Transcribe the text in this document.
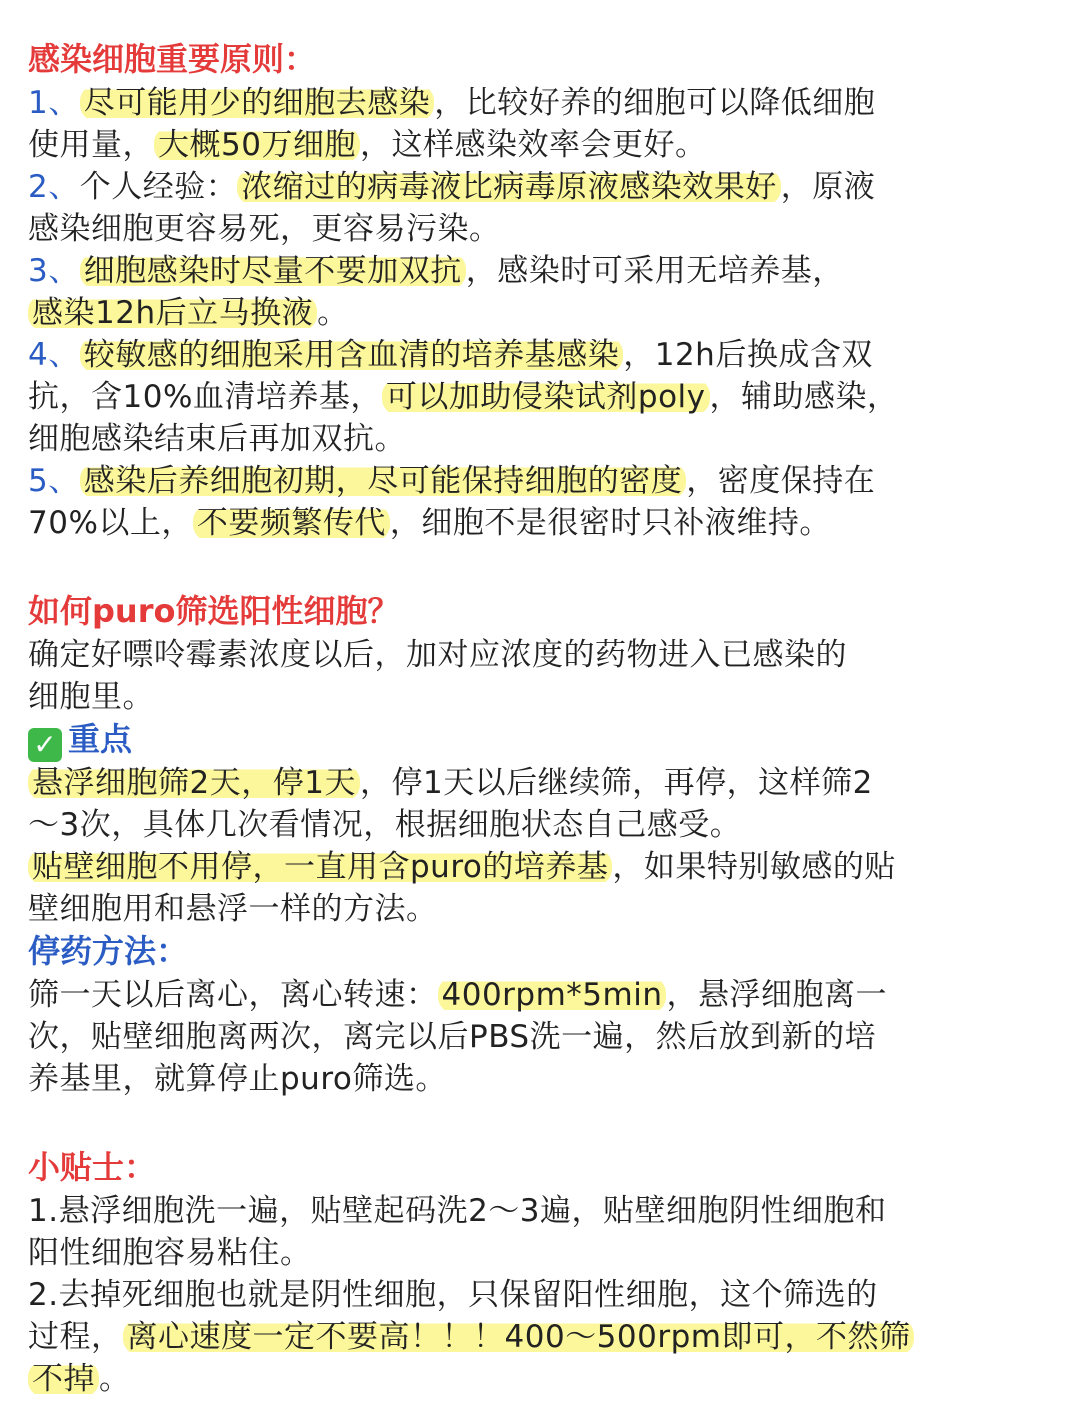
感染细胞重要原则：
1、 尽可能用少的细胞去感染 ，比较好养的细胞可以降低细胞
使用量， 大概50万细胞 ，这样感染效率会更好。
2、个人经验： 浓缩过的病毒液比病毒原液感染效果好 ，原液
感染细胞更容易死，更容易污染。
3、 细胞感染时尽量不要加双抗 ，感染时可采用无培养基，
感染12h后立马换液 。
4、 较敏感的细胞采用含血清的培养基感染 ，12h后换成含双
抗，含10%血清培养基， 可以加助侵染试剂poly ，辅助感染，
细胞感染结束后再加双抗。
5、 感染后养细胞初期，尽可能保持细胞的密度 ，密度保持在
70%以上， 不要频繁传代 ，细胞不是很密时只补液维持。
如何puro筛选阳性细胞？
确定好嘌呤霉素浓度以后，加对应浓度的药物进入已感染的
细胞里。
✓ 重点
悬浮细胞筛2天，停1天 ，停1天以后继续筛，再停，这样筛2
～3次，具体几次看情况，根据细胞状态自己感受。
贴壁细胞不用停，一直用含puro的培养基 ，如果特别敏感的贴
壁细胞用和悬浮一样的方法。
停药方法：
筛一天以后离心，离心转速： 400rpm*5min ，悬浮细胞离一
次，贴壁细胞离两次，离完以后PBS洗一遍，然后放到新的培
养基里，就算停止puro筛选。
小贴士：
1.悬浮细胞洗一遍，贴壁起码洗2～3遍，贴壁细胞阴性细胞和
阳性细胞容易粘住。
2.去掉死细胞也就是阴性细胞，只保留阳性细胞，这个筛选的
过程， 离心速度一定不要高！！！400～500rpm即可，不然筛
不掉 。
